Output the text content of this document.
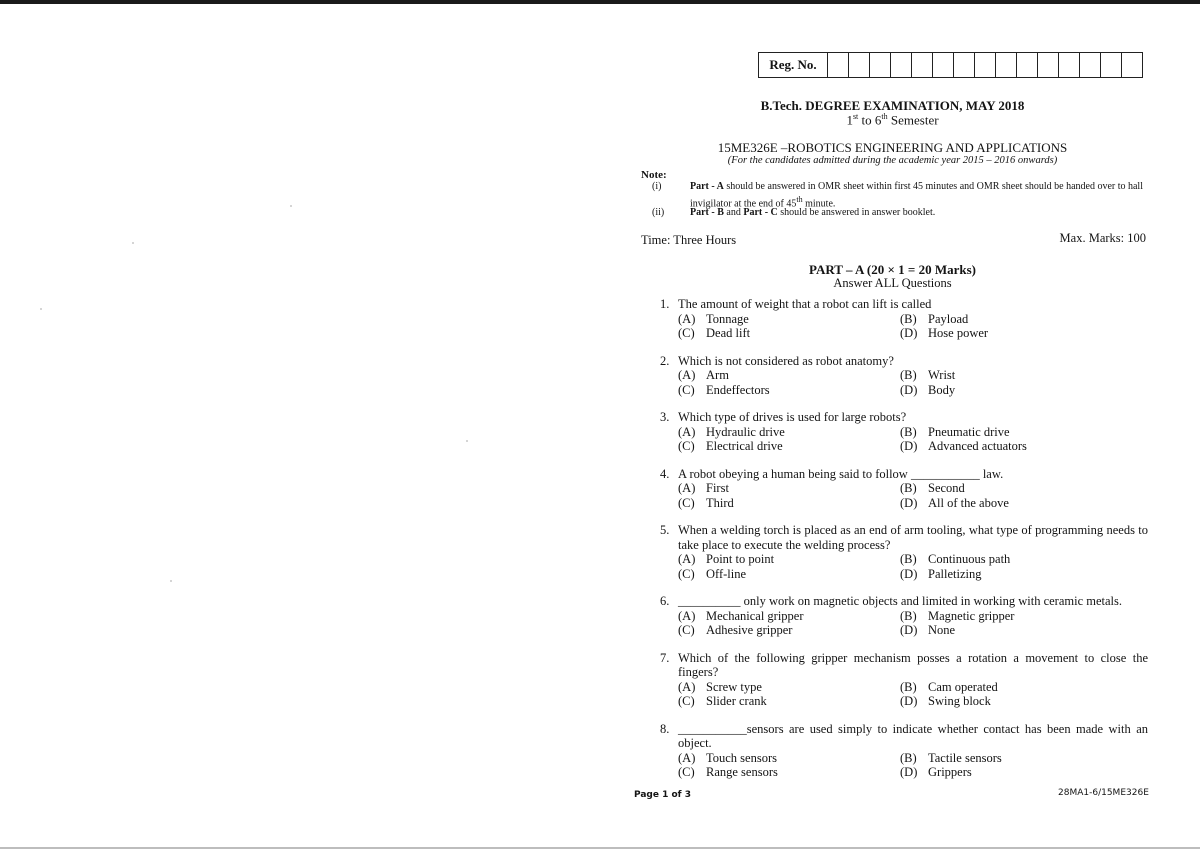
Reg. No.
B.Tech. DEGREE EXAMINATION, MAY 2018
1st to 6th Semester
15ME326E –ROBOTICS ENGINEERING AND APPLICATIONS
(For the candidates admitted during the academic year 2015 – 2016 onwards)
Note:
(i)	Part - A should be answered in OMR sheet within first 45 minutes and OMR sheet should be handed over to hall invigilator at the end of 45th minute.
(ii)	Part - B and Part - C should be answered in answer booklet.
Time: Three Hours	Max. Marks: 100
PART – A (20 × 1 = 20 Marks)
Answer ALL Questions
1. The amount of weight that a robot can lift is called
(A) Tonnage	(B) Payload
(C) Dead lift	(D) Hose power
2. Which is not considered as robot anatomy?
(A) Arm	(B) Wrist
(C) Endeffectors	(D) Body
3. Which type of drives is used for large robots?
(A) Hydraulic drive	(B) Pneumatic drive
(C) Electrical drive	(D) Advanced actuators
4. A robot obeying a human being said to follow ___________ law.
(A) First	(B) Second
(C) Third	(D) All of the above
5. When a welding torch is placed as an end of arm tooling, what type of programming needs to take place to execute the welding process?
(A) Point to point	(B) Continuous path
(C) Off-line	(D) Palletizing
6. __________ only work on magnetic objects and limited in working with ceramic metals.
(A) Mechanical gripper	(B) Magnetic gripper
(C) Adhesive gripper	(D) None
7. Which of the following gripper mechanism posses a rotation a movement to close the fingers?
(A) Screw type	(B) Cam operated
(C) Slider crank	(D) Swing block
8. ___________sensors are used simply to indicate whether contact has been made with an object.
(A) Touch sensors	(B) Tactile sensors
(C) Range sensors	(D) Grippers
Page 1 of 3	28MA1-6/15ME326E
